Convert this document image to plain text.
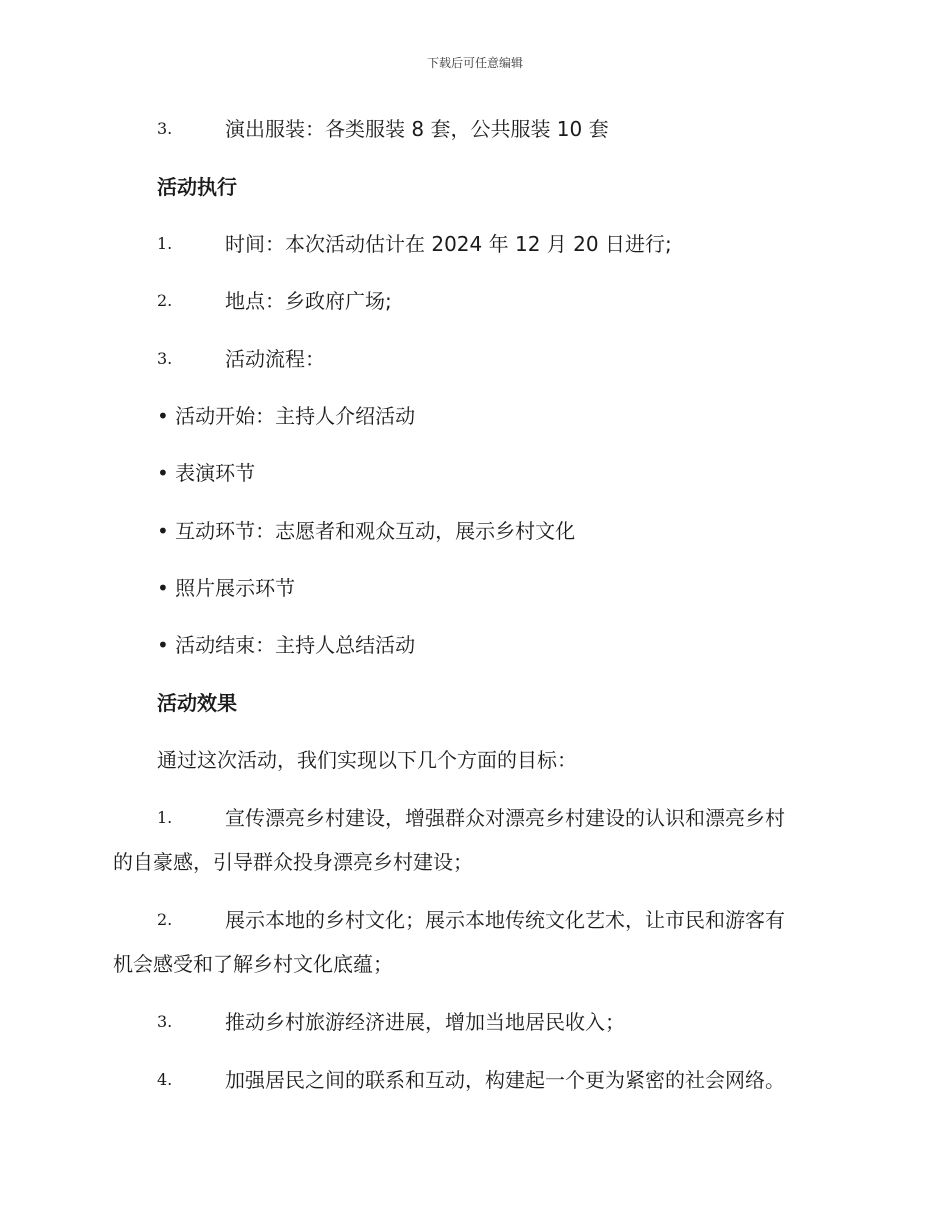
下载后可任意编辑
3.	演出服装：各类服装 8 套，公共服装 10 套
活动执行
1.	时间：本次活动估计在 2024 年 12 月 20 日进行;
2.	地点：乡政府广场;
3.	活动流程：
• 活动开始：主持人介绍活动
• 表演环节
• 互动环节：志愿者和观众互动，展示乡村文化
• 照片展示环节
• 活动结束：主持人总结活动
活动效果
通过这次活动，我们实现以下几个方面的目标：
1.	宣传漂亮乡村建设，增强群众对漂亮乡村建设的认识和漂亮乡村
的自豪感，引导群众投身漂亮乡村建设；
2.	展示本地的乡村文化；展示本地传统文化艺术，让市民和游客有
机会感受和了解乡村文化底蕴；
3.	推动乡村旅游经济进展，增加当地居民收入；
4.	加强居民之间的联系和互动，构建起一个更为紧密的社会网络。
